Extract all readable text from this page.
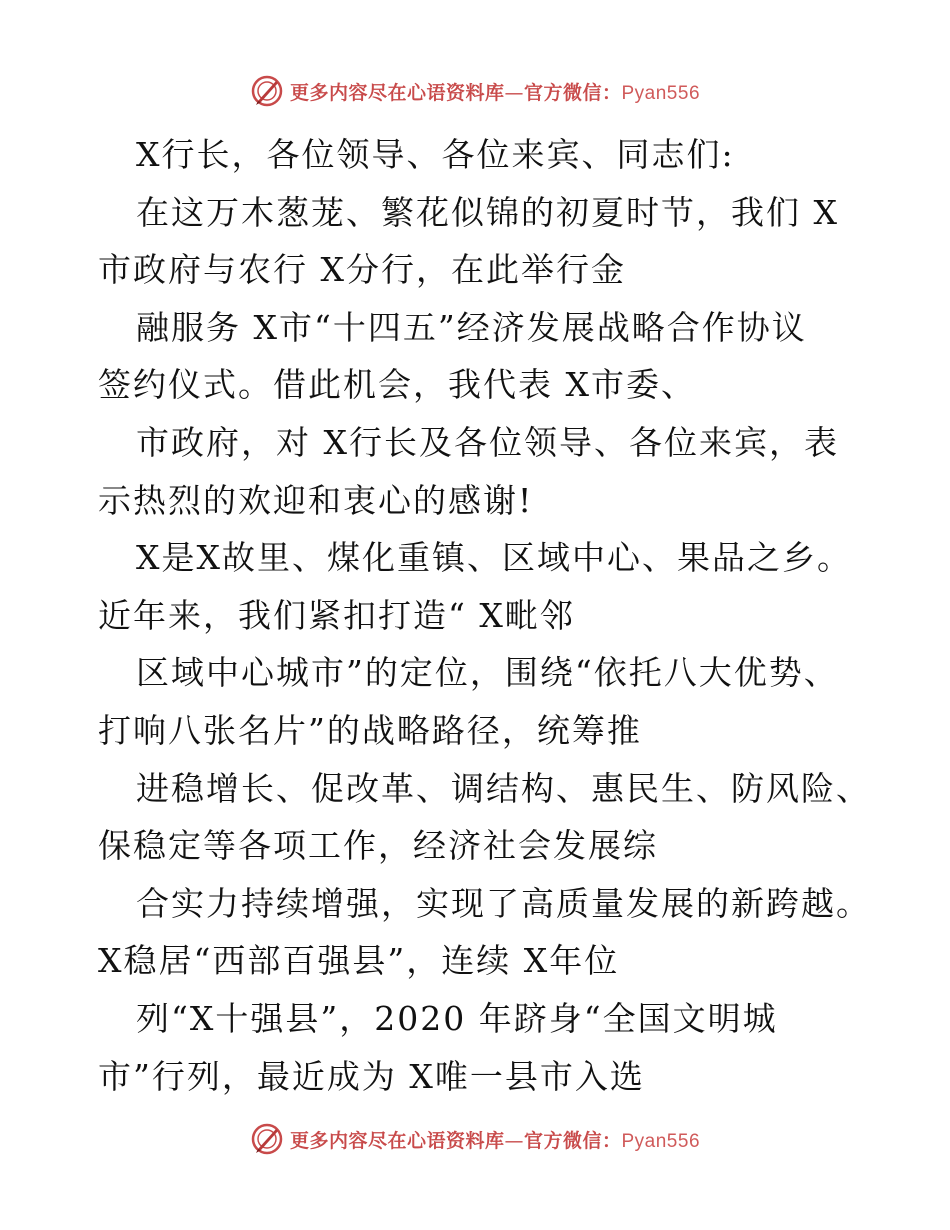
更多内容尽在心语资料库—官方微信：Pyan556
X行长，各位领导、各位来宾、同志们:
在这万木葱茏、繁花似锦的初夏时节，我们 X
市政府与农行 X分行，在此举行金
融服务 X市“十四五”经济发展战略合作协议
签约仪式。借此机会，我代表 X市委、
市政府，对 X行长及各位领导、各位来宾，表
示热烈的欢迎和衷心的感谢!
X是X故里、煤化重镇、区域中心、果品之乡。
近年来，我们紧扣打造“ X毗邻
区域中心城市”的定位，围绕“依托八大优势、
打响八张名片”的战略路径，统筹推
进稳增长、促改革、调结构、惠民生、防风险、
保稳定等各项工作，经济社会发展综
合实力持续增强，实现了高质量发展的新跨越。
X稳居“西部百强县”，连续 X年位
列“X十强县”，2020 年跻身“全国文明城
市”行列，最近成为 X唯一县市入选
更多内容尽在心语资料库—官方微信：Pyan556
